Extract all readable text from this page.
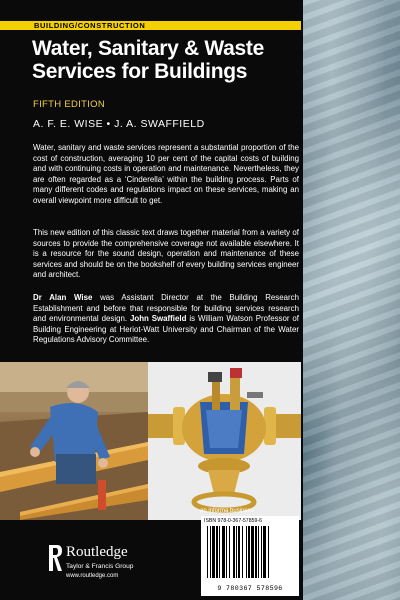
BUILDING/CONSTRUCTION
Water, Sanitary & Waste
Services for Buildings
FIFTH EDITION
A. F. E. WISE • J. A. SWAFFIELD

Water, sanitary and waste services represent a substantial proportion of the cost of construction, averaging 10 per cent of the capital costs of building and with continuing costs in operation and maintenance. Nevertheless, they are often regarded as a ‘Cinderella’ within the building process. Parts of many different codes and regulations impact on these services, making an overall viewpoint more difficult to get.

This new edition of this classic text draws together material from a variety of sources to provide the comprehensive coverage not available elsewhere. It is a resource for the sound design, operation and maintenance of these services and should be on the bookshelf of every building services engineer and architect.

Dr Alan Wise was Assistant Director at the Building Research Establishment and before that responsible for building services research and environmental design. John Swaffield is William Watson Professor of Building Engineering at Heriot-Watt University and Chairman of the Water Regulations Advisory Committee.

an informa business
ISBN 978-0-367-57859-6
9 780367 578596
Routledge
Taylor & Francis Group
www.routledge.com
